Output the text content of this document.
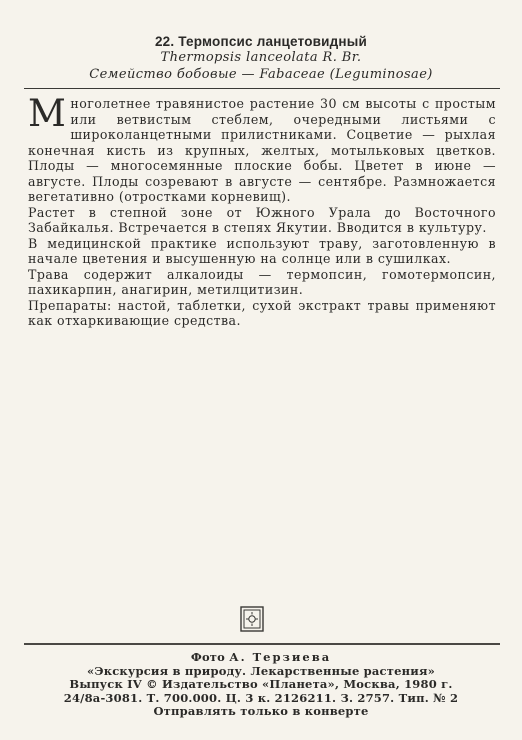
22. Термопсис ланцетовидный
Thermopsis lanceolata R. Br.
Семейство бобовые — Fabaceae (Leguminosae)

Многолетнее травянистое растение 30 см высоты с простым или ветвистым стеблем, очередными листьями с широколанцетными прилистниками. Соцветие — рыхлая конечная кисть из крупных, желтых, мотыльковых цветков. Плоды — многосемянные плоские бобы. Цветет в июне — августе. Плоды созревают в августе — сентябре. Размножается вегетативно (отростками корневищ).

Растет в степной зоне от Южного Урала до Восточного Забайкалья. Встречается в степях Якутии. Вводится в культуру.

В медицинской практике используют траву, заготовленную в начале цветения и высушенную на солнце или в сушилках.

Трава содержит алкалоиды — термопсин, гомотермопсин, пахикарпин, анагирин, метилцитизин.

Препараты: настой, таблетки, сухой экстракт травы применяют как отхаркивающие средства.

Фото А. Терзиева
«Экскурсия в природу. Лекарственные растения»
Выпуск IV © Издательство «Планета», Москва, 1980 г.
24/8а-3081. Т. 700.000. Ц. 3 к. 2126211. З. 2757. Тип. № 2
Отправлять только в конверте
